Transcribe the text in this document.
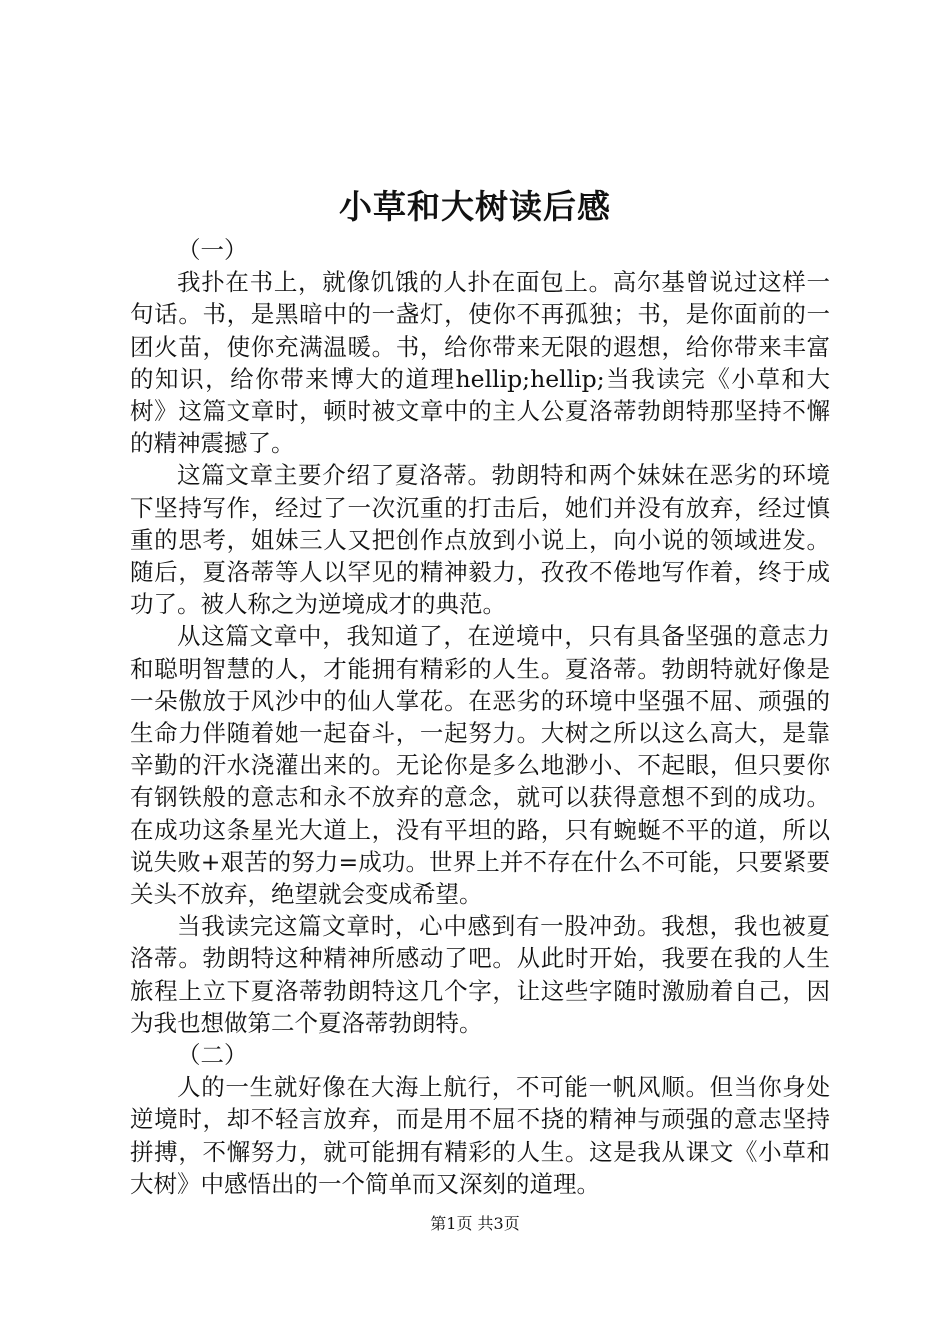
小草和大树读后感

（一）

我扑在书上，就像饥饿的人扑在面包上。高尔基曾说过这样一句话。书，是黑暗中的一盏灯，使你不再孤独；书，是你面前的一团火苗，使你充满温暖。书，给你带来无限的遐想，给你带来丰富的知识，给你带来博大的道理hellip;hellip;当我读完《小草和大树》这篇文章时，顿时被文章中的主人公夏洛蒂勃朗特那坚持不懈的精神震撼了。

这篇文章主要介绍了夏洛蒂。勃朗特和两个妹妹在恶劣的环境下坚持写作，经过了一次沉重的打击后，她们并没有放弃，经过慎重的思考，姐妹三人又把创作点放到小说上，向小说的领域进发。随后，夏洛蒂等人以罕见的精神毅力，孜孜不倦地写作着，终于成功了。被人称之为逆境成才的典范。

从这篇文章中，我知道了，在逆境中，只有具备坚强的意志力和聪明智慧的人，才能拥有精彩的人生。夏洛蒂。勃朗特就好像是一朵傲放于风沙中的仙人掌花。在恶劣的环境中坚强不屈、顽强的生命力伴随着她一起奋斗，一起努力。大树之所以这么高大，是靠辛勤的汗水浇灌出来的。无论你是多么地渺小、不起眼，但只要你有钢铁般的意志和永不放弃的意念，就可以获得意想不到的成功。在成功这条星光大道上，没有平坦的路，只有蜿蜒不平的道，所以说失败+艰苦的努力=成功。世界上并不存在什么不可能，只要紧要关头不放弃，绝望就会变成希望。

当我读完这篇文章时，心中感到有一股冲劲。我想，我也被夏洛蒂。勃朗特这种精神所感动了吧。从此时开始，我要在我的人生旅程上立下夏洛蒂勃朗特这几个字，让这些字随时激励着自己，因为我也想做第二个夏洛蒂勃朗特。

（二）

人的一生就好像在大海上航行，不可能一帆风顺。但当你身处逆境时，却不轻言放弃，而是用不屈不挠的精神与顽强的意志坚持拼搏，不懈努力，就可能拥有精彩的人生。这是我从课文《小草和大树》中感悟出的一个简单而又深刻的道理。

第1页 共3页
